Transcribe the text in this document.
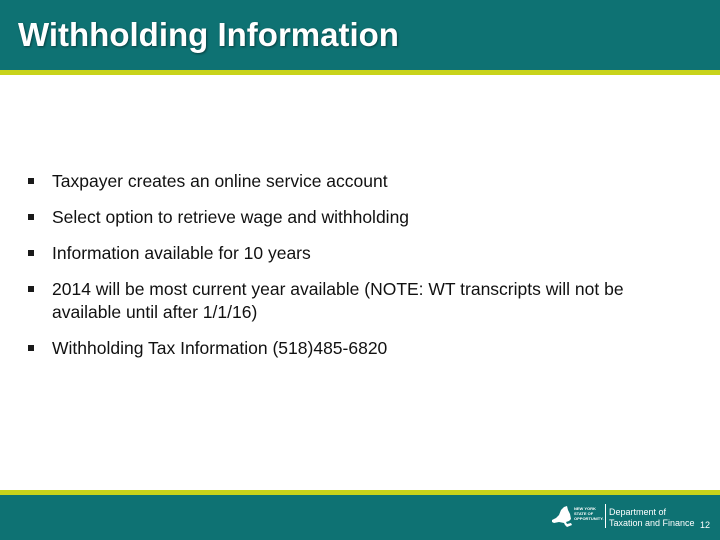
Withholding Information
Taxpayer creates an online service account
Select option to retrieve wage and withholding
Information available for 10 years
2014 will be most current year available (NOTE: WT transcripts will not be available until after 1/1/16)
Withholding Tax Information (518)485-6820
NEW YORK
STATE OF
OPPORTUNITY.
Department of
Taxation and Finance 12
